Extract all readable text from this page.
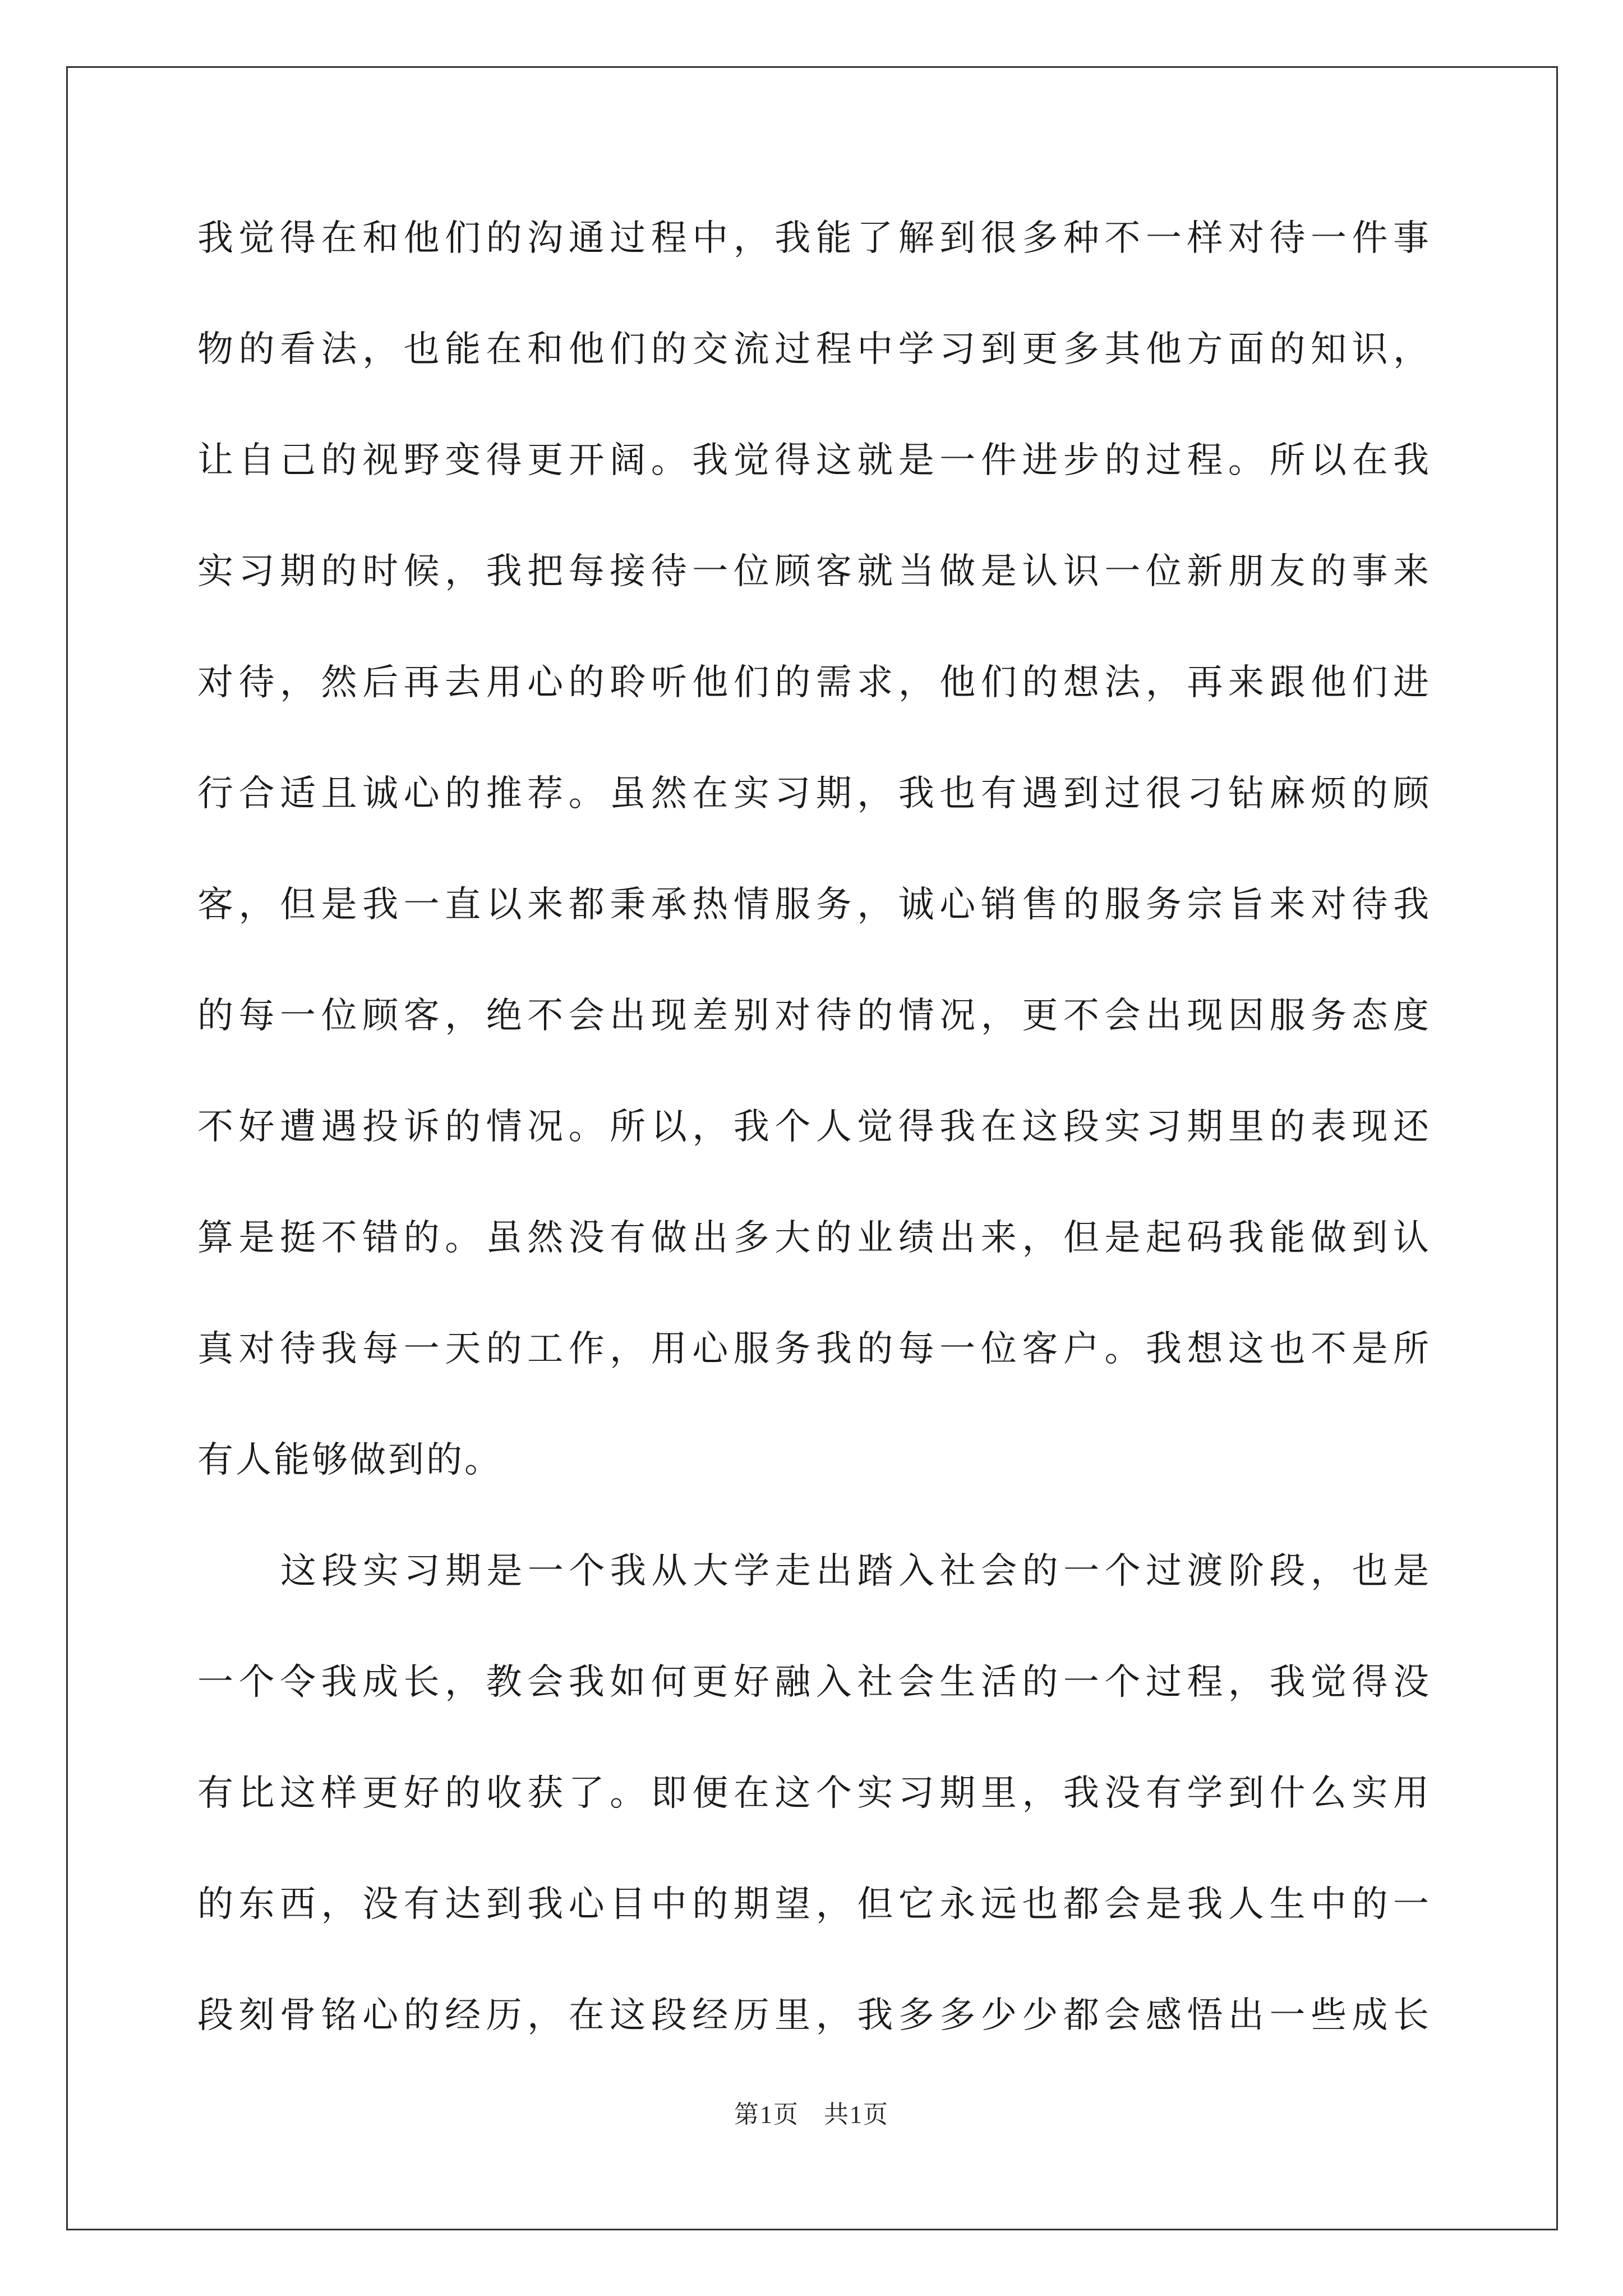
我觉得在和他们的沟通过程中，我能了解到很多种不一样对待一件事
物的看法，也能在和他们的交流过程中学习到更多其他方面的知识，
让自己的视野变得更开阔。我觉得这就是一件进步的过程。所以在我
实习期的时候，我把每接待一位顾客就当做是认识一位新朋友的事来
对待，然后再去用心的聆听他们的需求，他们的想法，再来跟他们进
行合适且诚心的推荐。虽然在实习期，我也有遇到过很刁钻麻烦的顾
客，但是我一直以来都秉承热情服务，诚心销售的服务宗旨来对待我
的每一位顾客，绝不会出现差别对待的情况，更不会出现因服务态度
不好遭遇投诉的情况。所以，我个人觉得我在这段实习期里的表现还
算是挺不错的。虽然没有做出多大的业绩出来，但是起码我能做到认
真对待我每一天的工作，用心服务我的每一位客户。我想这也不是所
有人能够做到的。
这段实习期是一个我从大学走出踏入社会的一个过渡阶段，也是
一个令我成长，教会我如何更好融入社会生活的一个过程，我觉得没
有比这样更好的收获了。即便在这个实习期里，我没有学到什么实用
的东西，没有达到我心目中的期望，但它永远也都会是我人生中的一
段刻骨铭心的经历，在这段经历里，我多多少少都会感悟出一些成长
第1页 共1页
